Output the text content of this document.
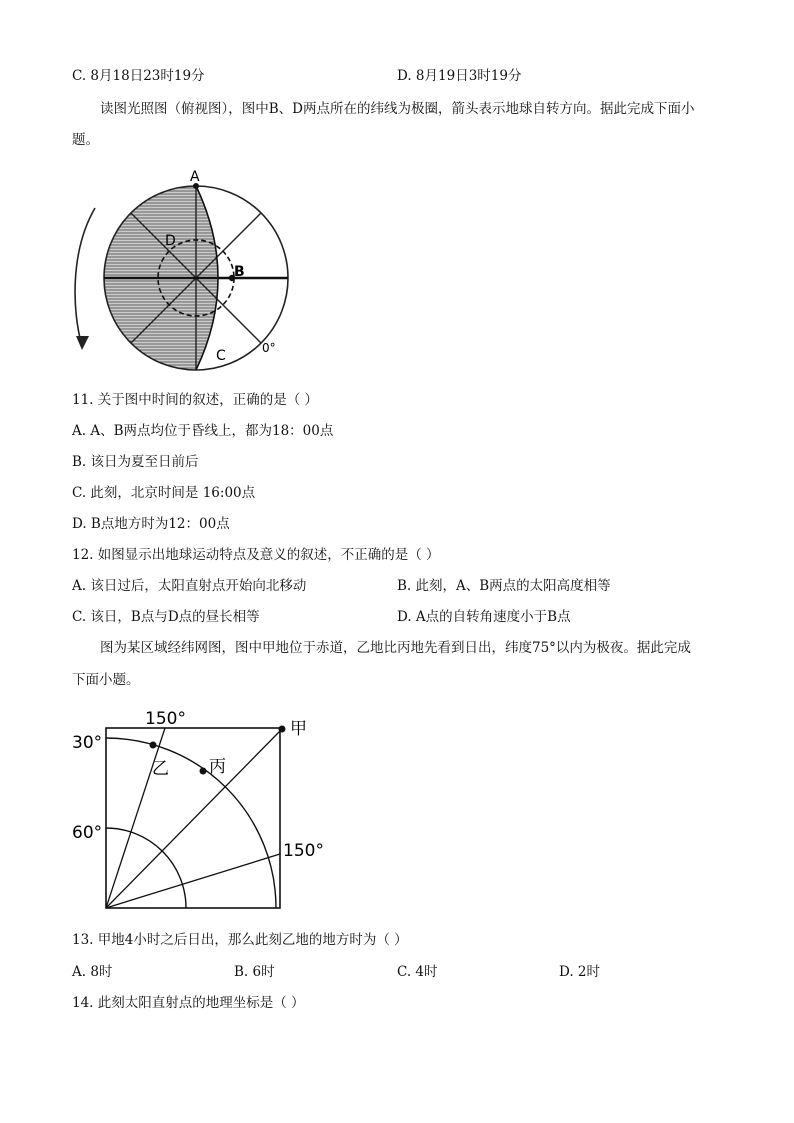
C. 8月18日23时19分	D. 8月19日3时19分
读图光照图（俯视图），图中B、D两点所在的纬线为极圈，箭头表示地球自转方向。据此完成下面小
题。
A
B
C
D
0°
11. 关于图中时间的叙述，正确的是（ ）
A. A、B两点均位于昏线上，都为18：00点
B. 该日为夏至日前后
C. 此刻，北京时间是 16:00点
D. B点地方时为12：00点
12. 如图显示出地球运动特点及意义的叙述，不正确的是（ ）
A. 该日过后，太阳直射点开始向北移动	B. 此刻，A、B两点的太阳高度相等
C. 该日，B点与D点的昼长相等	D. A点的自转角速度小于B点
图为某区域经纬网图，图中甲地位于赤道，乙地比丙地先看到日出，纬度75°以内为极夜。据此完成
下面小题。
150°
30°
60°
150°
甲
乙 丙
13. 甲地4小时之后日出，那么此刻乙地的地方时为（ ）
A. 8时	B. 6时	C. 4时	D. 2时
14. 此刻太阳直射点的地理坐标是（ ）
